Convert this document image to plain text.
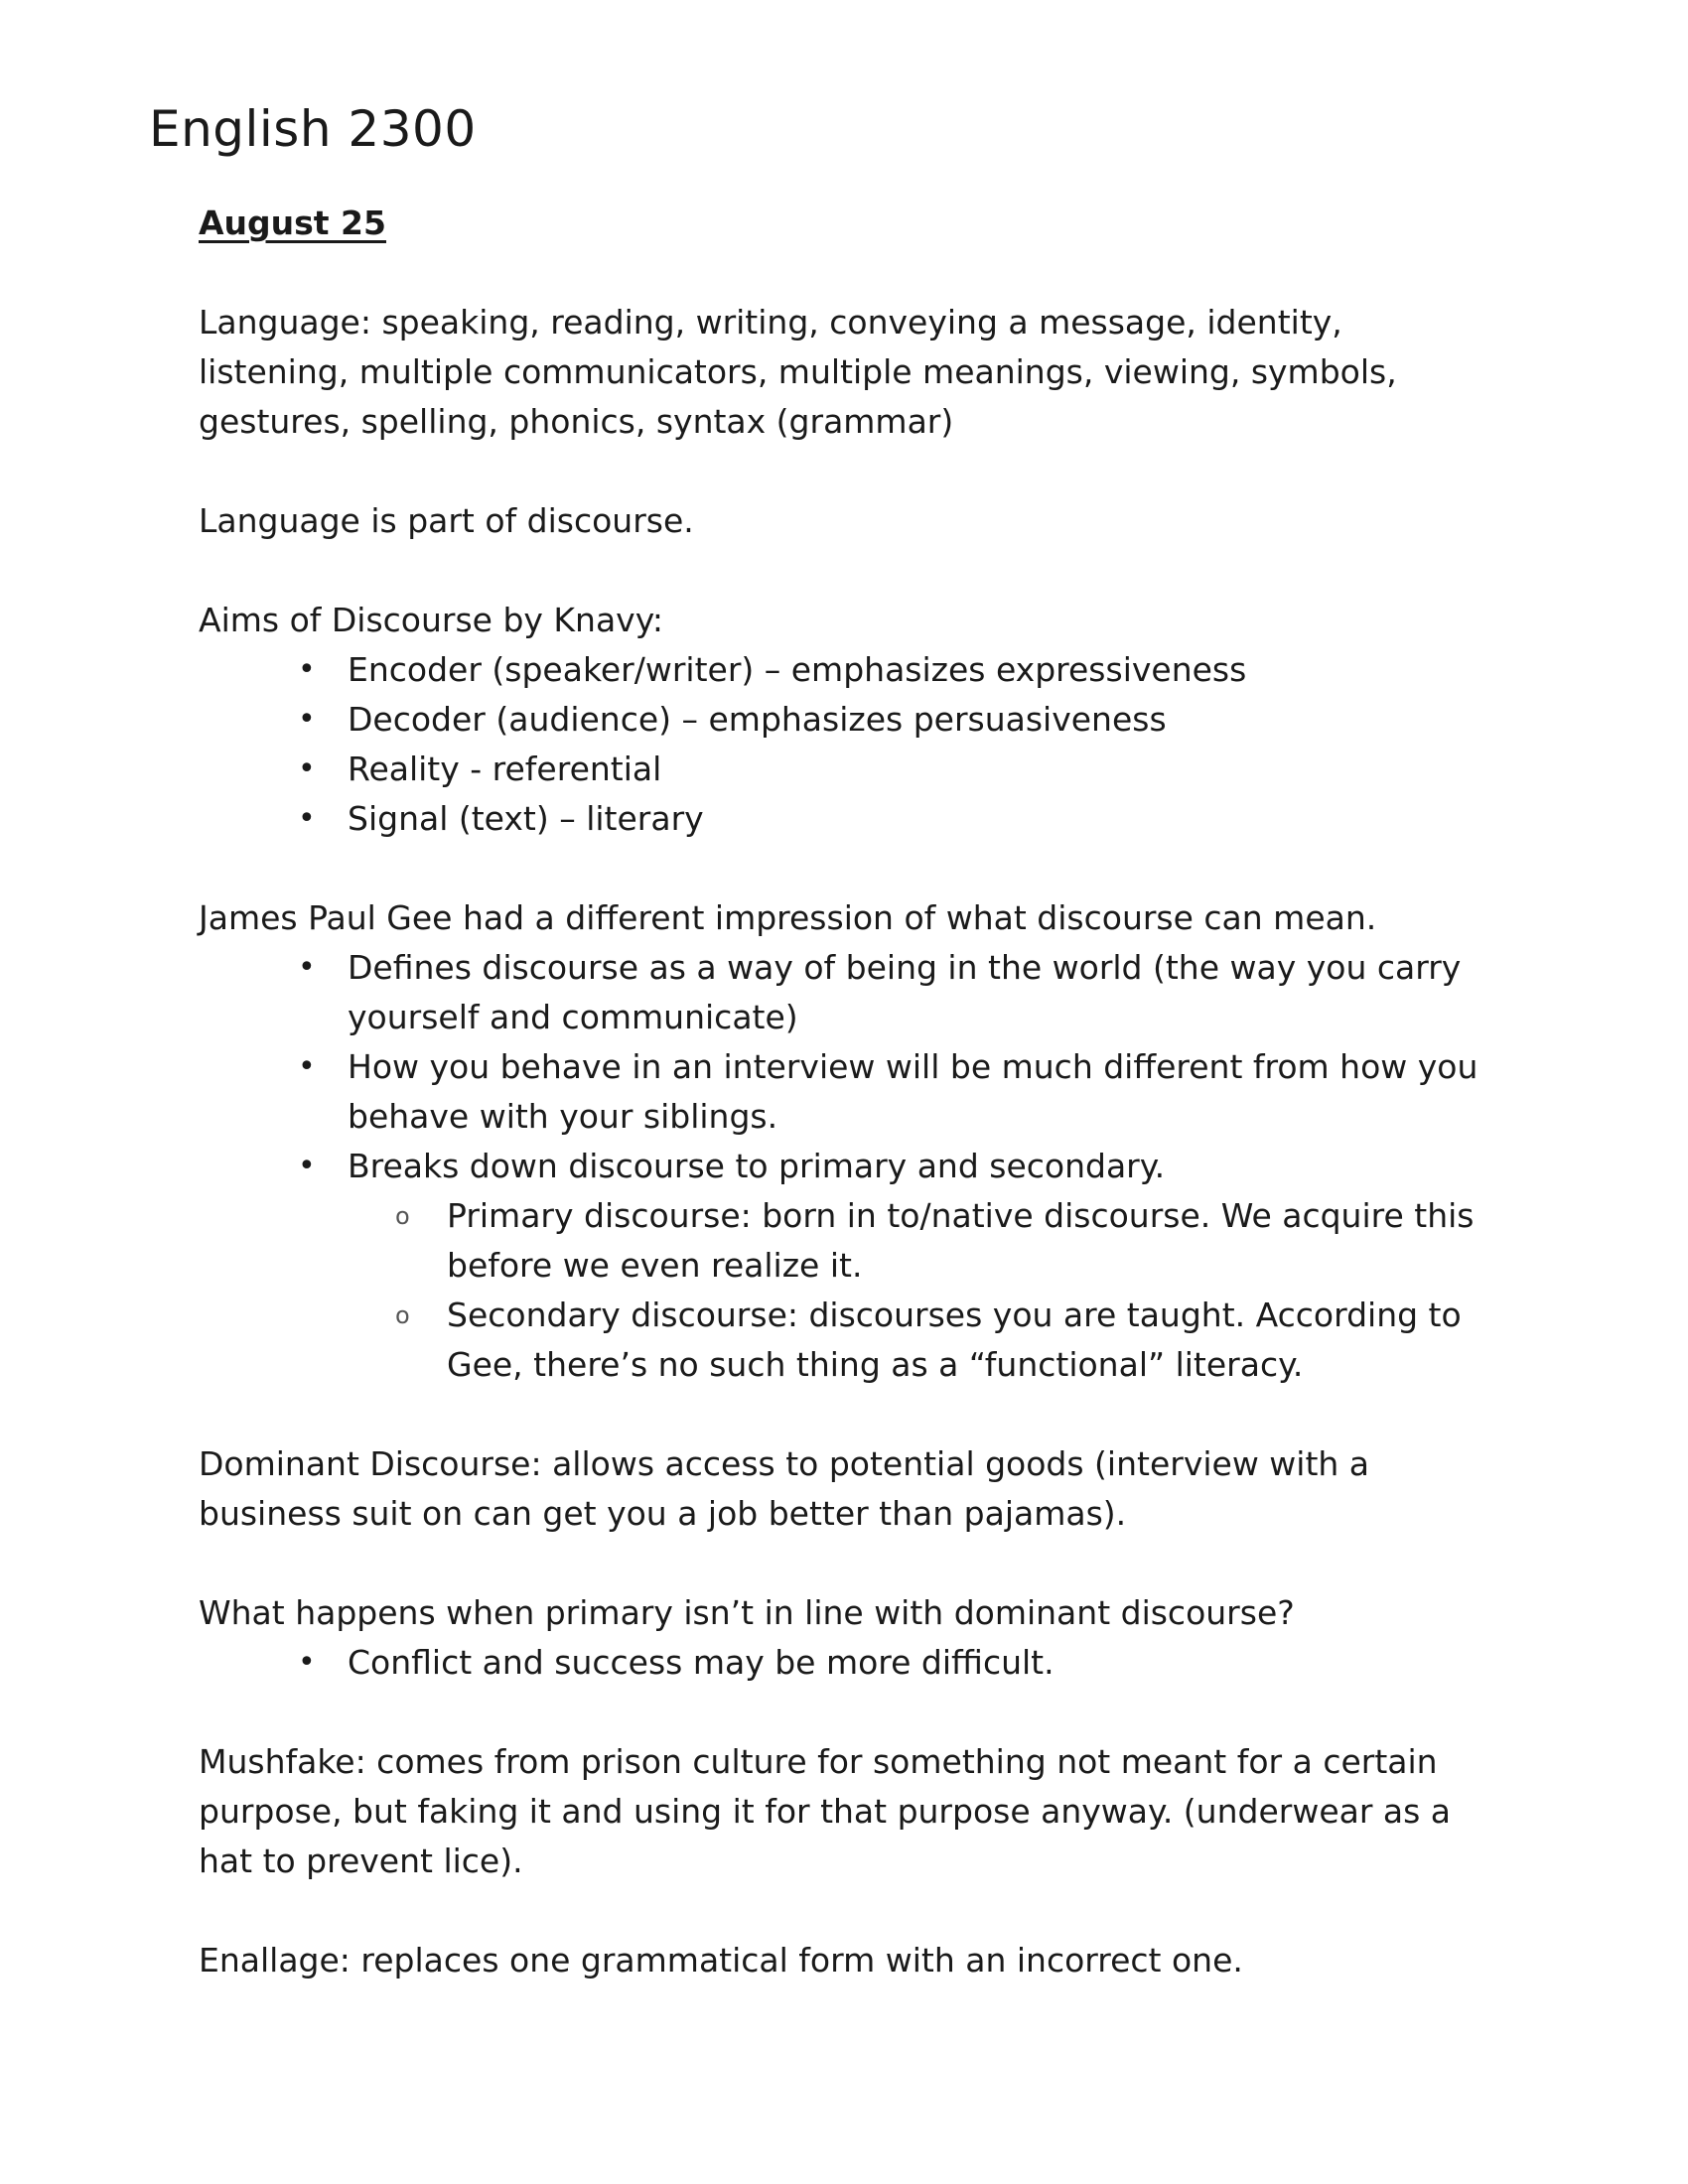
English 2300

August 25

Language: speaking, reading, writing, conveying a message, identity, listening, multiple communicators, multiple meanings, viewing, symbols, gestures, spelling, phonics, syntax (grammar)

Language is part of discourse.

Aims of Discourse by Knavy:

• Encoder (speaker/writer) – emphasizes expressiveness
• Decoder (audience) – emphasizes persuasiveness
• Reality - referential
• Signal (text) – literary

James Paul Gee had a different impression of what discourse can mean.

• Defines discourse as a way of being in the world (the way you carry yourself and communicate)
• How you behave in an interview will be much different from how you behave with your siblings.
• Breaks down discourse to primary and secondary.
o Primary discourse: born in to/native discourse. We acquire this before we even realize it.
o Secondary discourse: discourses you are taught. According to Gee, there’s no such thing as a “functional” literacy.

Dominant Discourse: allows access to potential goods (interview with a business suit on can get you a job better than pajamas).

What happens when primary isn’t in line with dominant discourse?

• Conflict and success may be more difficult.

Mushfake: comes from prison culture for something not meant for a certain purpose, but faking it and using it for that purpose anyway. (underwear as a hat to prevent lice).

Enallage: replaces one grammatical form with an incorrect one.
